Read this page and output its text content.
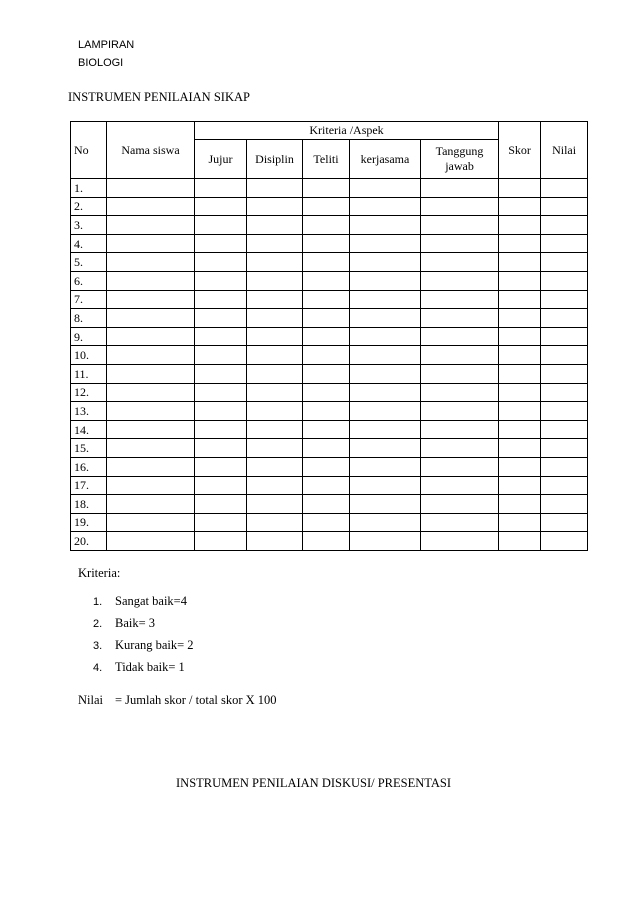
LAMPIRAN
BIOLOGI
INSTRUMEN PENILAIAN SIKAP
No	Nama siswa	Kriteria /Aspek					Skor	Nilai
		Jujur	Disiplin	Teliti	kerjasama	Tanggung jawab		
1.								
2.								
3.								
4.								
5.								
6.								
7.								
8.								
9.								
10.								
11.								
12.								
13.								
14.								
15.								
16.								
17.								
18.								
19.								
20.								
Kriteria:
1. Sangat baik=4
2. Baik= 3
3. Kurang baik= 2
4. Tidak baik= 1
Nilai = Jumlah skor / total skor X 100
INSTRUMEN PENILAIAN DISKUSI/ PRESENTASI
